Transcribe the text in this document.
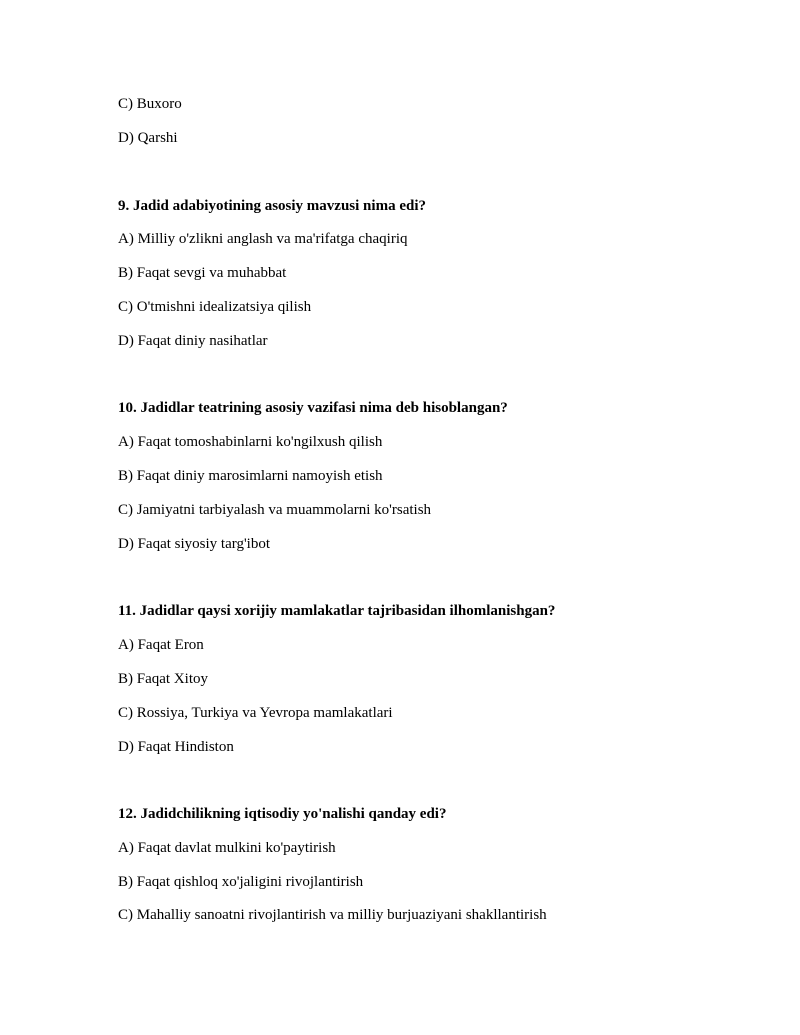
C) Buxoro
D) Qarshi
9. Jadid adabiyotining asosiy mavzusi nima edi?
A) Milliy o'zlikni anglash va ma'rifatga chaqiriq
B) Faqat sevgi va muhabbat
C) O'tmishni idealizatsiya qilish
D) Faqat diniy nasihatlar
10. Jadidlar teatrining asosiy vazifasi nima deb hisoblangan?
A) Faqat tomoshabinlarni ko'ngilxush qilish
B) Faqat diniy marosimlarni namoyish etish
C) Jamiyatni tarbiyalash va muammolarni ko'rsatish
D) Faqat siyosiy targ'ibot
11. Jadidlar qaysi xorijiy mamlakatlar tajribasidan ilhomlanishgan?
A) Faqat Eron
B) Faqat Xitoy
C) Rossiya, Turkiya va Yevropa mamlakatlari
D) Faqat Hindiston
12. Jadidchilikning iqtisodiy yo'nalishi qanday edi?
A) Faqat davlat mulkini ko'paytirish
B) Faqat qishloq xo'jaligini rivojlantirish
C) Mahalliy sanoatni rivojlantirish va milliy burjuaziyani shakllantirish
